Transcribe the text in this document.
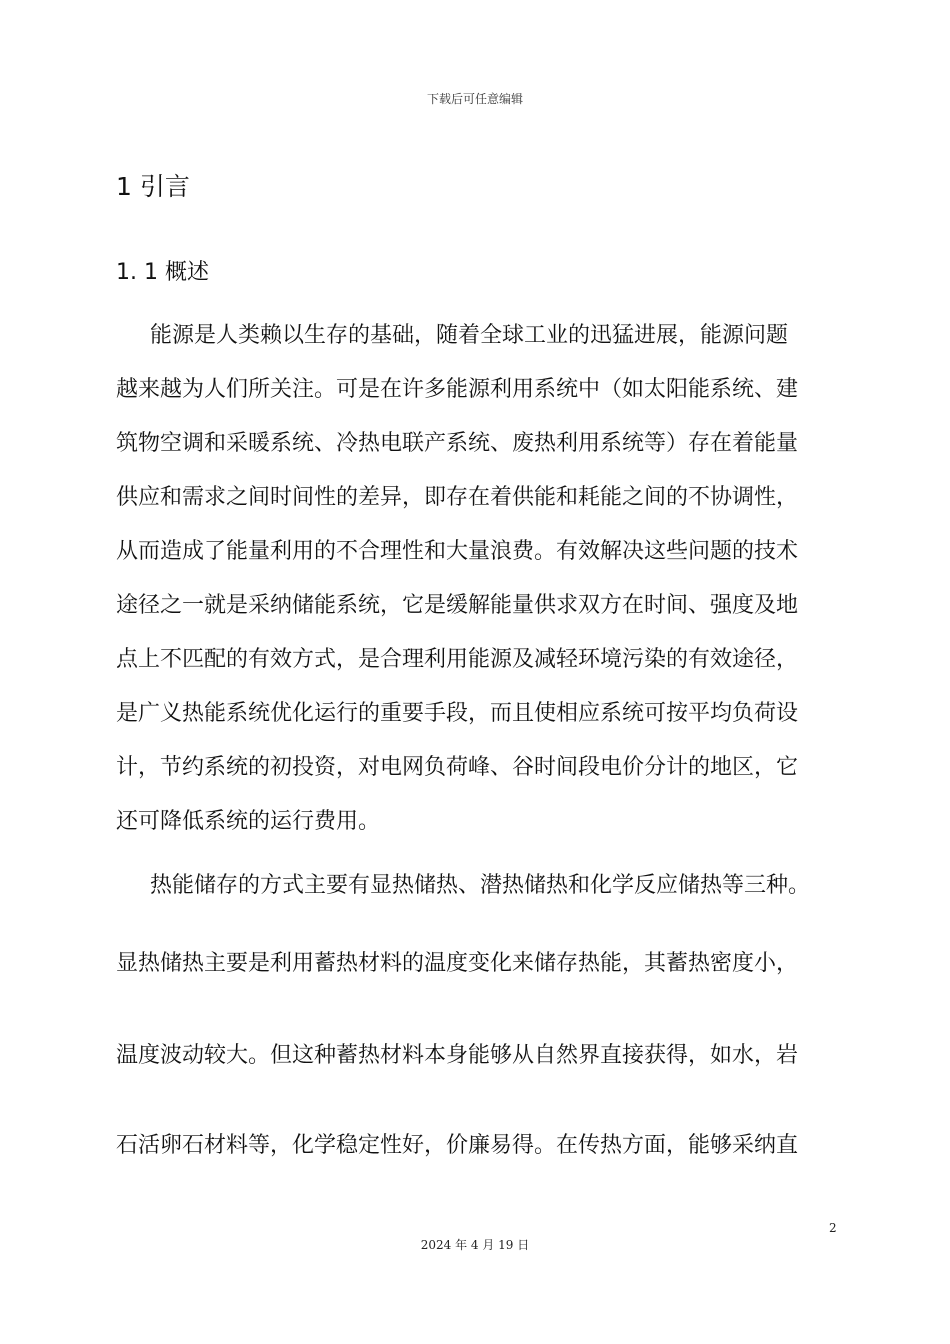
下载后可任意编辑
1 引言
1. 1 概述
能源是人类赖以生存的基础，随着全球工业的迅猛进展，能源问题
越来越为人们所关注。可是在许多能源利用系统中（如太阳能系统、建
筑物空调和采暖系统、冷热电联产系统、废热利用系统等）存在着能量
供应和需求之间时间性的差异，即存在着供能和耗能之间的不协调性，
从而造成了能量利用的不合理性和大量浪费。有效解决这些问题的技术
途径之一就是采纳储能系统，它是缓解能量供求双方在时间、强度及地
点上不匹配的有效方式，是合理利用能源及减轻环境污染的有效途径，
是广义热能系统优化运行的重要手段，而且使相应系统可按平均负荷设
计，节约系统的初投资，对电网负荷峰、谷时间段电价分计的地区，它
还可降低系统的运行费用。
热能储存的方式主要有显热储热、潜热储热和化学反应储热等三种。
显热储热主要是利用蓄热材料的温度变化来储存热能，其蓄热密度小，
温度波动较大。但这种蓄热材料本身能够从自然界直接获得，如水，岩
石活卵石材料等，化学稳定性好，价廉易得。在传热方面，能够采纳直
2
2024 年 4 月 19 日
